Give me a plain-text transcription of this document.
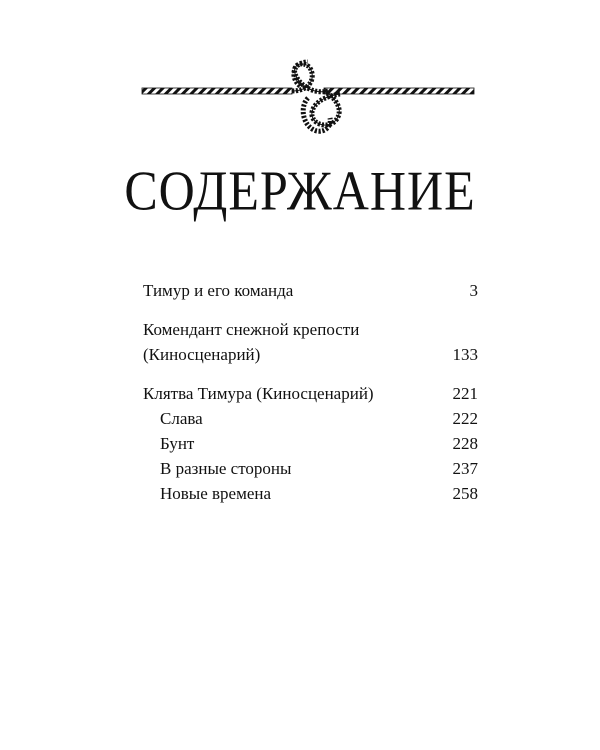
СОДЕРЖАНИЕ
Тимур и его команда	3
Комендант снежной крепости
(Киносценарий)	133
Клятва Тимура (Киносценарий)	221
Слава	222
Бунт	228
В разные стороны	237
Новые времена	258
